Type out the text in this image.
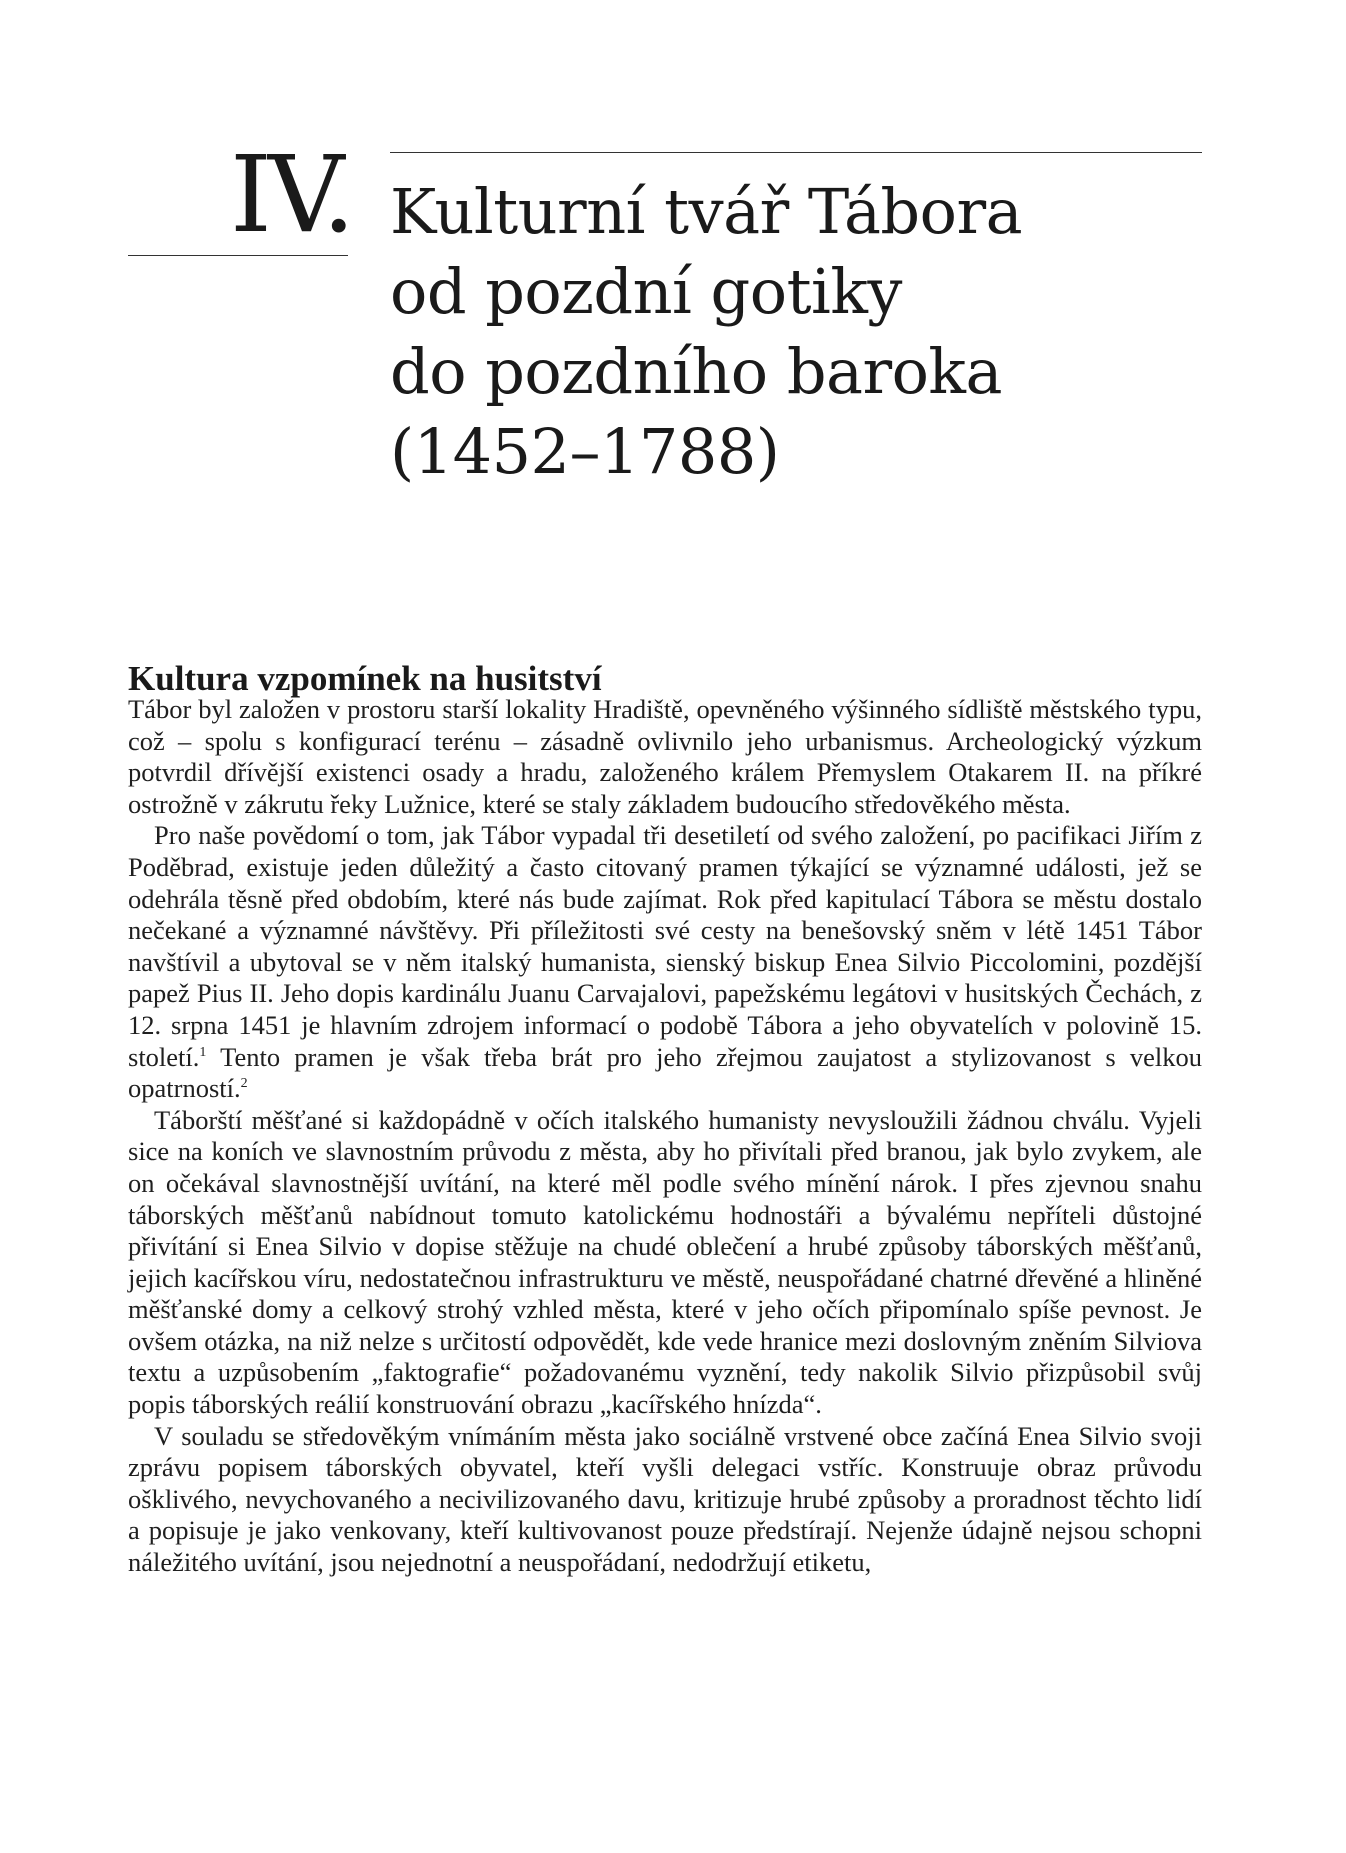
IV. Kulturní tvář Tábora
od pozdní gotiky
do pozdního baroka
(1452–1788)
Kultura vzpomínek na husitství

Tábor byl založen v prostoru starší lokality Hradiště, opevněného výšinného sídliště městského typu, což – spolu s konfigurací terénu – zásadně ovlivnilo jeho urbanismus. Archeologický výzkum potvrdil dřívější existenci osady a hradu, založeného králem Přemyslem Otakarem II. na příkré ostrožně v zákrutu řeky Lužnice, které se staly základem budoucího středověkého města.

Pro naše povědomí o tom, jak Tábor vypadal tři desetiletí od svého založení, po pacifikaci Jiřím z Poděbrad, existuje jeden důležitý a často citovaný pramen týkající se významné události, jež se odehrála těsně před obdobím, které nás bude zajímat. Rok před kapitulací Tábora se městu dostalo nečekané a významné návštěvy. Při příležitosti své cesty na benešovský sněm v létě 1451 Tábor navštívil a ubytoval se v něm italský humanista, sienský biskup Enea Silvio Piccolomini, pozdější papež Pius II. Jeho dopis kardinálu Juanu Carvajalovi, papežskému legátovi v husitských Čechách, z 12. srpna 1451 je hlavním zdrojem informací o podobě Tábora a jeho obyvatelích v polovině 15. století.$^1$ Tento pramen je však třeba brát pro jeho zřejmou zaujatost a stylizovanost s velkou opatrností.$^2$

Táborští měšťané si každopádně v očích italského humanisty nevysloužili žádnou chválu. Vyjeli sice na koních ve slavnostním průvodu z města, aby ho přivítali před branou, jak bylo zvykem, ale on očekával slavnostnější uvítání, na které měl podle svého mínění nárok. I přes zjevnou snahu táborských měšťanů nabídnout tomuto katolickému hodnostáři a bývalému nepříteli důstojné přivítání si Enea Silvio v dopise stěžuje na chudé oblečení a hrubé způsoby táborských měšťanů, jejich kacířskou víru, nedostatečnou infrastrukturu ve městě, neuspořádané chatrné dřevěné a hliněné měšťanské domy a celkový strohý vzhled města, které v jeho očích připomínalo spíše pevnost. Je ovšem otázka, na niž nelze s určitostí odpovědět, kde vede hranice mezi doslovným zněním Silviova textu a uzpůsobením „faktografie“ požadovanému vyznění, tedy nakolik Silvio přizpůsobil svůj popis táborských reálií konstruování obrazu „kacířského hnízda“.

V souladu se středověkým vnímáním města jako sociálně vrstvené obce začíná Enea Silvio svoji zprávu popisem táborských obyvatel, kteří vyšli delegaci vstříc. Konstruuje obraz průvodu ošklivého, nevychovaného a necivilizovaného davu, kritizuje hrubé způsoby a proradnost těchto lidí a popisuje je jako venkovany, kteří kultivovanost pouze předstírají. Nejenže údajně nejsou schopni náležitého uvítání, jsou nejednotní a neuspořádaní, nedodržují etiketu,
